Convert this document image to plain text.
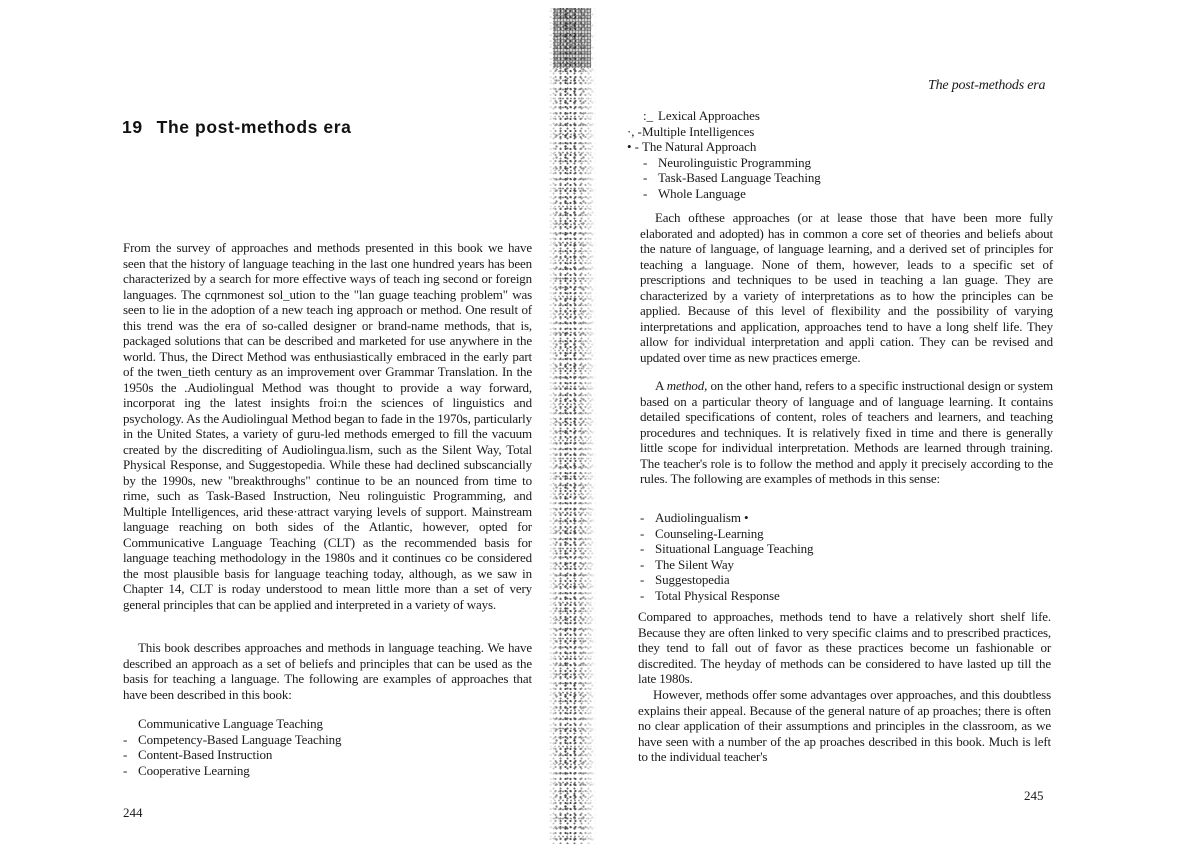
19 The post-methods era

From the survey of approaches and methods presented in this book we have seen that the history of language teaching in the last one hundred years has been characterized by a search for more effective ways of teach ing second or foreign languages. The cqrnmonest sol_ution to the "lan guage teaching problem" was seen to lie in the adoption of a new teach ing approach or method. One result of this trend was the era of so-called designer or brand-name methods, that is, packaged solutions that can be described and marketed for use anywhere in the world. Thus, the Direct Method was enthusiastically embraced in the early part of the twen_tieth century as an improvement over Grammar Translation. In the 1950s the .Audiolingual Method was thought to provide a way forward, incorporat ing the latest insights froi:n the sciences of linguistics and psychology. As the Audiolingual Method began to fade in the 1970s, particularly in the United States, a variety of guru-led methods emerged to fill the vacuum created by the discrediting of Audiolingua.lism, such as the Silent Way, Total Physical Response, and Suggestopedia. While these had declined subscancially by the 1990s, new "breakthroughs" continue to be an nounced from time to rime, such as Task-Based Instruction, Neu rolinguistic Programming, and Multiple Intelligences, arid these·attract varying levels of support. Mainstream language reaching on both sides of the Atlantic, however, opted for Communicative Language Teaching (CLT) as the recommended basis for language teaching methodology in the 1980s and it continues co be considered the most plausible basis for language teaching today, although, as we saw in Chapter 14, CLT is roday understood to mean little more than a set of very general principles that can be applied and interpreted in a variety of ways.

This book describes approaches and methods in language teaching. We have described an approach as a set of beliefs and principles that can be used as the basis for teaching a language. The following are examples of approaches that have been described in this book:

Communicative Language Teaching
- Competency-Based Language Teaching
- Content-Based Instruction
- Cooperative Learning
244
The post-methods era
:_ Lexical Approaches
·, -Multiple Intelligences
• - The Natural Approach
- Neurolinguistic Programming
- Task-Based Language Teaching
- Whole Language

Each ofthese approaches (or at lease those that have been more fully elaborated and adopted) has in common a core set of theories and beliefs about the nature of language, of language learning, and a derived set of principles for teaching a language. None of them, however, leads to a specific set of prescriptions and techniques to be used in teaching a lan guage. They are characterized by a variety of interpretations as to how the principles can be applied. Because of this level of flexibility and the possibility of varying interpretations and application, approaches tend to have a long shelf life. They allow for individual interpretation and appli cation. They can be revised and updated over time as new practices emerge.

A method, on the other hand, refers to a specific instructional design or system based on a particular theory of language and of language learning. It contains detailed specifications of content, roles of teachers and learners, and teaching procedures and techniques. It is relatively fixed in time and there is generally little scope for individual interpretation. Methods are learned through training. The teacher's role is to follow the method and apply it precisely according to the rules. The following are examples of methods in this sense:

- Audiolingualism •
- Counseling-Learning
- Situational Language Teaching
- The Silent Way
- Suggestopedia
- Total Physical Response

Compared to approaches, methods tend to have a relatively short shelf life. Because they are often linked to very specific claims and to prescribed practices, they tend to fall out of favor as these practices become un fashionable or discredited. The heyday of methods can be considered to have lasted up till the late 1980s.

However, methods offer some advantages over approaches, and this doubtless explains their appeal. Because of the general nature of ap proaches; there is often no clear application of their assumptions and principles in the classroom, as we have seen with a number of the ap proaches described in this book. Much is left to the individual teacher's

245
